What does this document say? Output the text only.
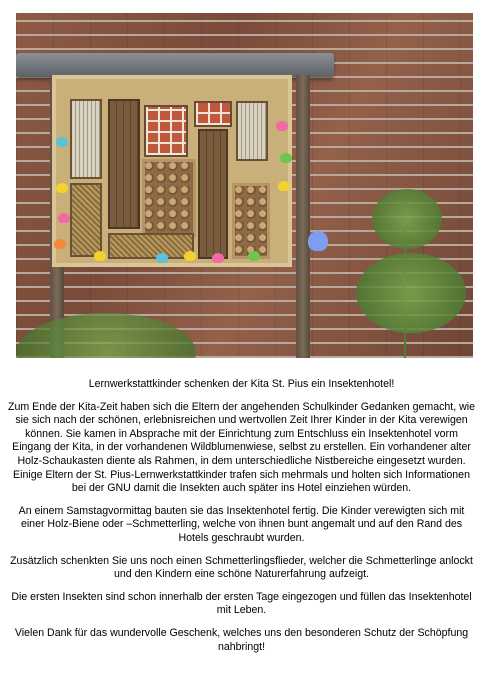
Lernwerkstattkinder schenken der Kita St. Pius ein Insektenhotel!

Zum Ende der Kita-Zeit haben sich die Eltern der angehenden Schulkinder Gedanken gemacht, wie sie sich nach der schönen, erlebnisreichen und wertvollen Zeit Ihrer Kinder in der Kita verewigen können. Sie kamen in Absprache mit der Einrichtung zum Entschluss ein Insektenhotel vorm Eingang der Kita, in der vorhandenen Wildblumenwiese, selbst zu erstellen. Ein vorhandener alter Holz-Schaukasten diente als Rahmen, in dem unterschiedliche Nistbereiche eingesetzt wurden. Einige Eltern der St. Pius-Lernwerkstattkinder trafen sich mehrmals und holten sich Informationen bei der GNU damit die Insekten auch später ins Hotel einziehen würden.

An einem Samstagvormittag bauten sie das Insektenhotel fertig. Die Kinder verewigten sich mit einer Holz-Biene oder –Schmetterling, welche von ihnen bunt angemalt und auf den Rand des Hotels geschraubt wurden.

Zusätzlich schenkten Sie uns noch einen Schmetterlingsflieder, welcher die Schmetterlinge anlockt und den Kindern eine schöne Naturerfahrung aufzeigt.

Die ersten Insekten sind schon innerhalb der ersten Tage eingezogen und füllen das Insektenhotel mit Leben.

Vielen Dank für das wundervolle Geschenk, welches uns den besonderen Schutz der Schöpfung nahbringt!
